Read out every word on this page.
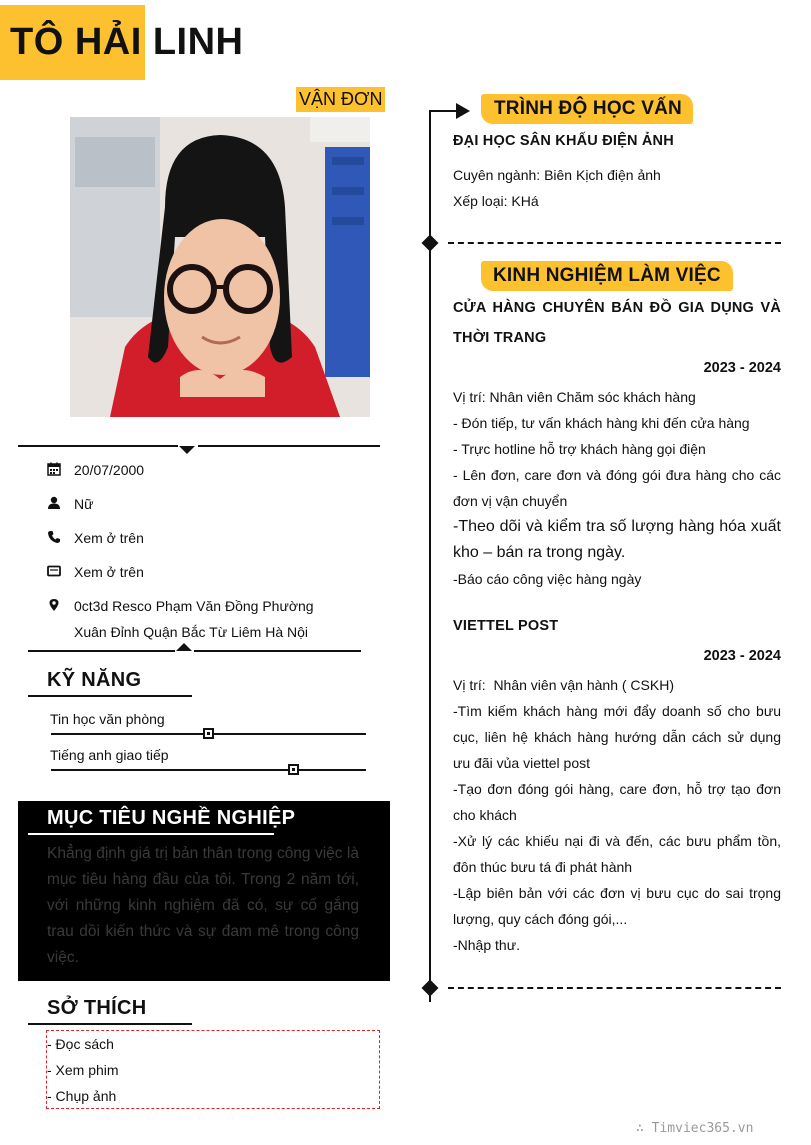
TÔ HẢI LINH
VẬN ĐƠN
20/07/2000
Nữ
Xem ở trên
Xem ở trên
0ct3d Resco Phạm Văn Đồng Phường
Xuân Đỉnh Quận Bắc Từ Liêm Hà Nội
KỸ NĂNG
Tin học văn phòng
Tiếng anh giao tiếp
MỤC TIÊU NGHỀ NGHIỆP
Khẳng định giá trị bản thân trong công việc là mục tiêu hàng đầu của tôi. Trong 2 năm tới, với những kinh nghiệm đã có, sự cố gắng trau dồi kiến thức và sự đam mê trong công việc.
SỞ THÍCH
- Đọc sách
- Xem phim
- Chụp ảnh
TRÌNH ĐỘ HỌC VẤN
ĐẠI HỌC SÂN KHẤU ĐIỆN ẢNH
Cuyên ngành: Biên Kịch điện ảnh
Xếp loại: KHá
KINH NGHIỆM LÀM VIỆC
CỬA HÀNG CHUYÊN BÁN ĐỒ GIA DỤNG VÀ
THỜI TRANG
2023 - 2024
Vị trí: Nhân viên Chăm sóc khách hàng
- Đón tiếp, tư vấn khách hàng khi đến cửa hàng
- Trực hotline hỗ trợ khách hàng gọi điện
- Lên đơn, care đơn và đóng gói đưa hàng cho các đơn vị vận chuyển
-Theo dõi và kiểm tra số lượng hàng hóa xuất kho – bán ra trong ngày.
-Báo cáo công việc hàng ngày
VIETTEL POST
2023 - 2024
Vị trí:  Nhân viên vận hành ( CSKH)
-Tìm kiếm khách hàng mới đẩy doanh số cho bưu cục, liên hệ khách hàng hướng dẫn cách sử dụng ưu đãi vủa viettel post
-Tạo đơn đóng gói hàng, care đơn, hỗ trợ tạo đơn cho khách
-Xử lý các khiếu nại đi và đến, các bưu phẩm tồn, đôn thúc bưu tá đi phát hành
-Lập biên bản với các đơn vị bưu cục do sai trọng lượng, quy cách đóng gói,...
-Nhập thư.
∴ Timviec365.vn
